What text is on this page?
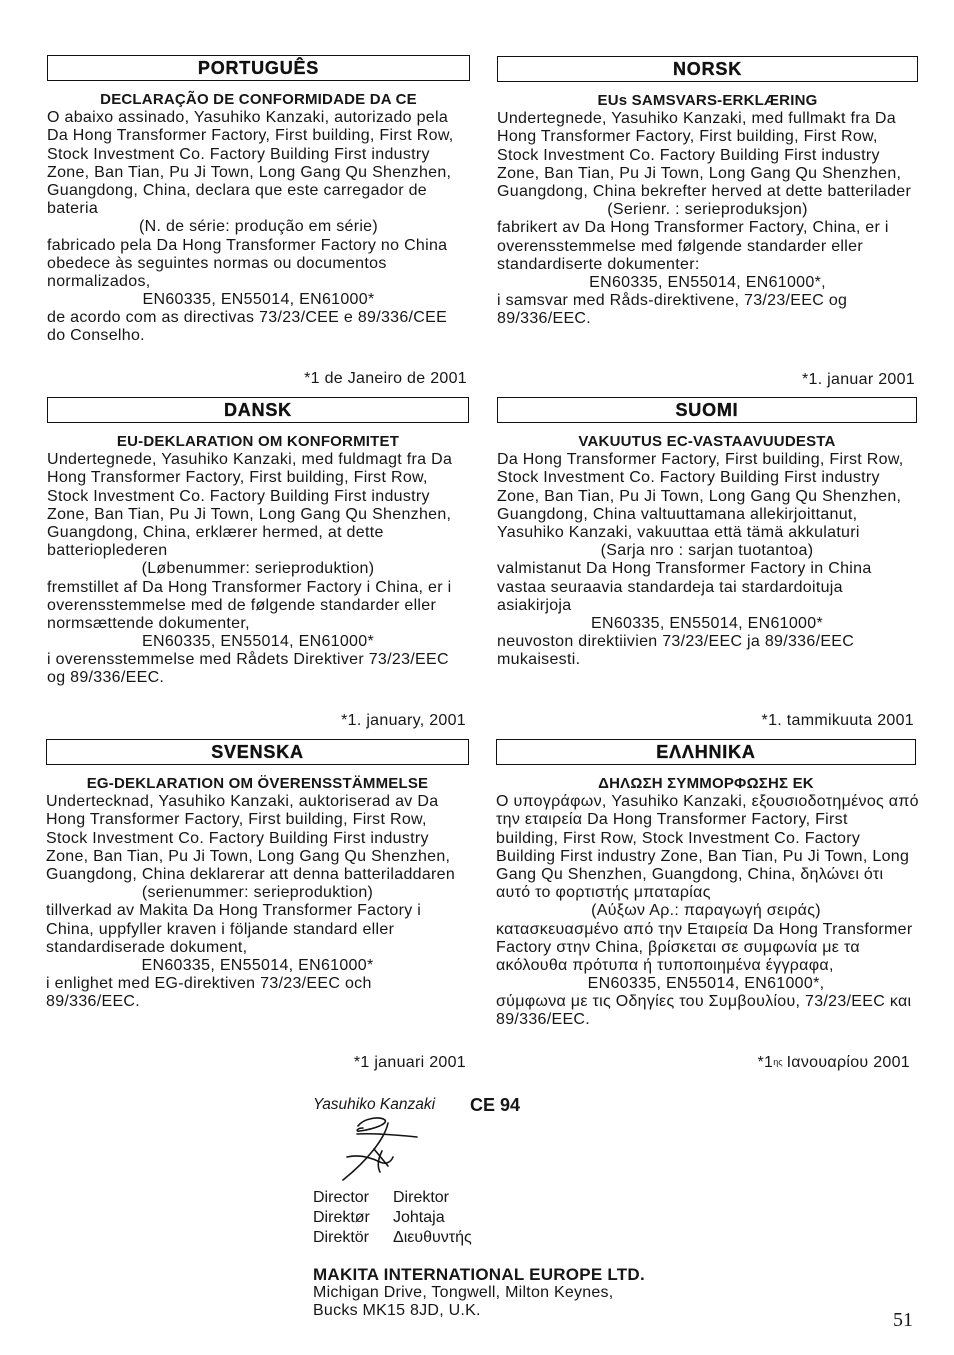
PORTUGUÊS
DECLARAÇÃO DE CONFORMIDADE DA CE
O abaixo assinado, Yasuhiko Kanzaki, autorizado pela
Da Hong Transformer Factory, First building, First Row,
Stock Investment Co. Factory Building First industry
Zone, Ban Tian, Pu Ji Town, Long Gang Qu Shenzhen,
Guangdong, China, declara que este carregador de
bateria
(N. de série: produção em série)
fabricado pela Da Hong Transformer Factory no China
obedece às seguintes normas ou documentos
normalizados,
EN60335, EN55014, EN61000*
de acordo com as directivas 73/23/CEE e 89/336/CEE
do Conselho.
*1 de Janeiro de 2001
NORSK
EUs SAMSVARS-ERKLÆRING
Undertegnede, Yasuhiko Kanzaki, med fullmakt fra Da
Hong Transformer Factory, First building, First Row,
Stock Investment Co. Factory Building First industry
Zone, Ban Tian, Pu Ji Town, Long Gang Qu Shenzhen,
Guangdong, China bekrefter herved at dette batterilader
(Serienr. : serieproduksjon)
fabrikert av Da Hong Transformer Factory, China, er i
overensstemmelse med følgende standarder eller
standardiserte dokumenter:
EN60335, EN55014, EN61000*,
i samsvar med Råds-direktivene, 73/23/EEC og
89/336/EEC.
*1. januar 2001
DANSK
EU-DEKLARATION OM KONFORMITET
Undertegnede, Yasuhiko Kanzaki, med fuldmagt fra Da
Hong Transformer Factory, First building, First Row,
Stock Investment Co. Factory Building First industry
Zone, Ban Tian, Pu Ji Town, Long Gang Qu Shenzhen,
Guangdong, China, erklærer hermed, at dette
batterioplederen
(Løbenummer: serieproduktion)
fremstillet af Da Hong Transformer Factory i China, er i
overensstemmelse med de følgende standarder eller
normsættende dokumenter,
EN60335, EN55014, EN61000*
i overensstemmelse med Rådets Direktiver 73/23/EEC
og 89/336/EEC.
*1. january, 2001
SUOMI
VAKUUTUS EC-VASTAAVUUDESTA
Da Hong Transformer Factory, First building, First Row,
Stock Investment Co. Factory Building First industry
Zone, Ban Tian, Pu Ji Town, Long Gang Qu Shenzhen,
Guangdong, China valtuuttamana allekirjoittanut,
Yasuhiko Kanzaki, vakuuttaa että tämä akkulaturi
(Sarja nro : sarjan tuotantoa)
valmistanut Da Hong Transformer Factory in China
vastaa seuraavia standardeja tai stardardoituja
asiakirjoja
EN60335, EN55014, EN61000*
neuvoston direktiivien 73/23/EEC ja 89/336/EEC
mukaisesti.
*1. tammikuuta 2001
SVENSKA
EG-DEKLARATION OM ÖVERENSSTÄMMELSE
Undertecknad, Yasuhiko Kanzaki, auktoriserad av Da
Hong Transformer Factory, First building, First Row,
Stock Investment Co. Factory Building First industry
Zone, Ban Tian, Pu Ji Town, Long Gang Qu Shenzhen,
Guangdong, China deklarerar att denna batteriladdaren
(serienummer: serieproduktion)
tillverkad av Makita Da Hong Transformer Factory i
China, uppfyller kraven i följande standard eller
standardiserade dokument,
EN60335, EN55014, EN61000*
i enlighet med EG-direktiven 73/23/EEC och
89/336/EEC.
*1 januari 2001
ΕΛΛΗΝΙΚΑ
ΔΗΛΩΣΗ ΣΥΜΜΟΡΦΩΣΗΣ ΕΚ
Ο υπογράφων, Yasuhiko Kanzaki, εξουσιοδοτημένος από
την εταιρεία Da Hong Transformer Factory, First
building, First Row, Stock Investment Co. Factory
Building First industry Zone, Ban Tian, Pu Ji Town, Long
Gang Qu Shenzhen, Guangdong, China, δηλώνει ότι
αυτό το φορτιστής μπαταρίας
(Αύξων Αρ.: παραγωγή σειράς)
κατασκευασμένο από την Εταιρεία Da Hong Transformer
Factory στην China, βρίσκεται σε συμφωνία με τα
ακόλουθα πρότυπα ή τυποποιημένα έγγραφα,
EN60335, EN55014, EN61000*,
σύμφωνα με τις Οδηγίες του Συμβουλίου, 73/23/EEC και
89/336/EEC.
$*1^{\eta\varsigma}$ Ιανουαρίου 2001
Yasuhiko Kanzaki CE 94
Director Direktor
Direktør Johtaja
Direktör Διευθυντής
MAKITA INTERNATIONAL EUROPE LTD.
Michigan Drive, Tongwell, Milton Keynes,
Bucks MK15 8JD, U.K.	51
